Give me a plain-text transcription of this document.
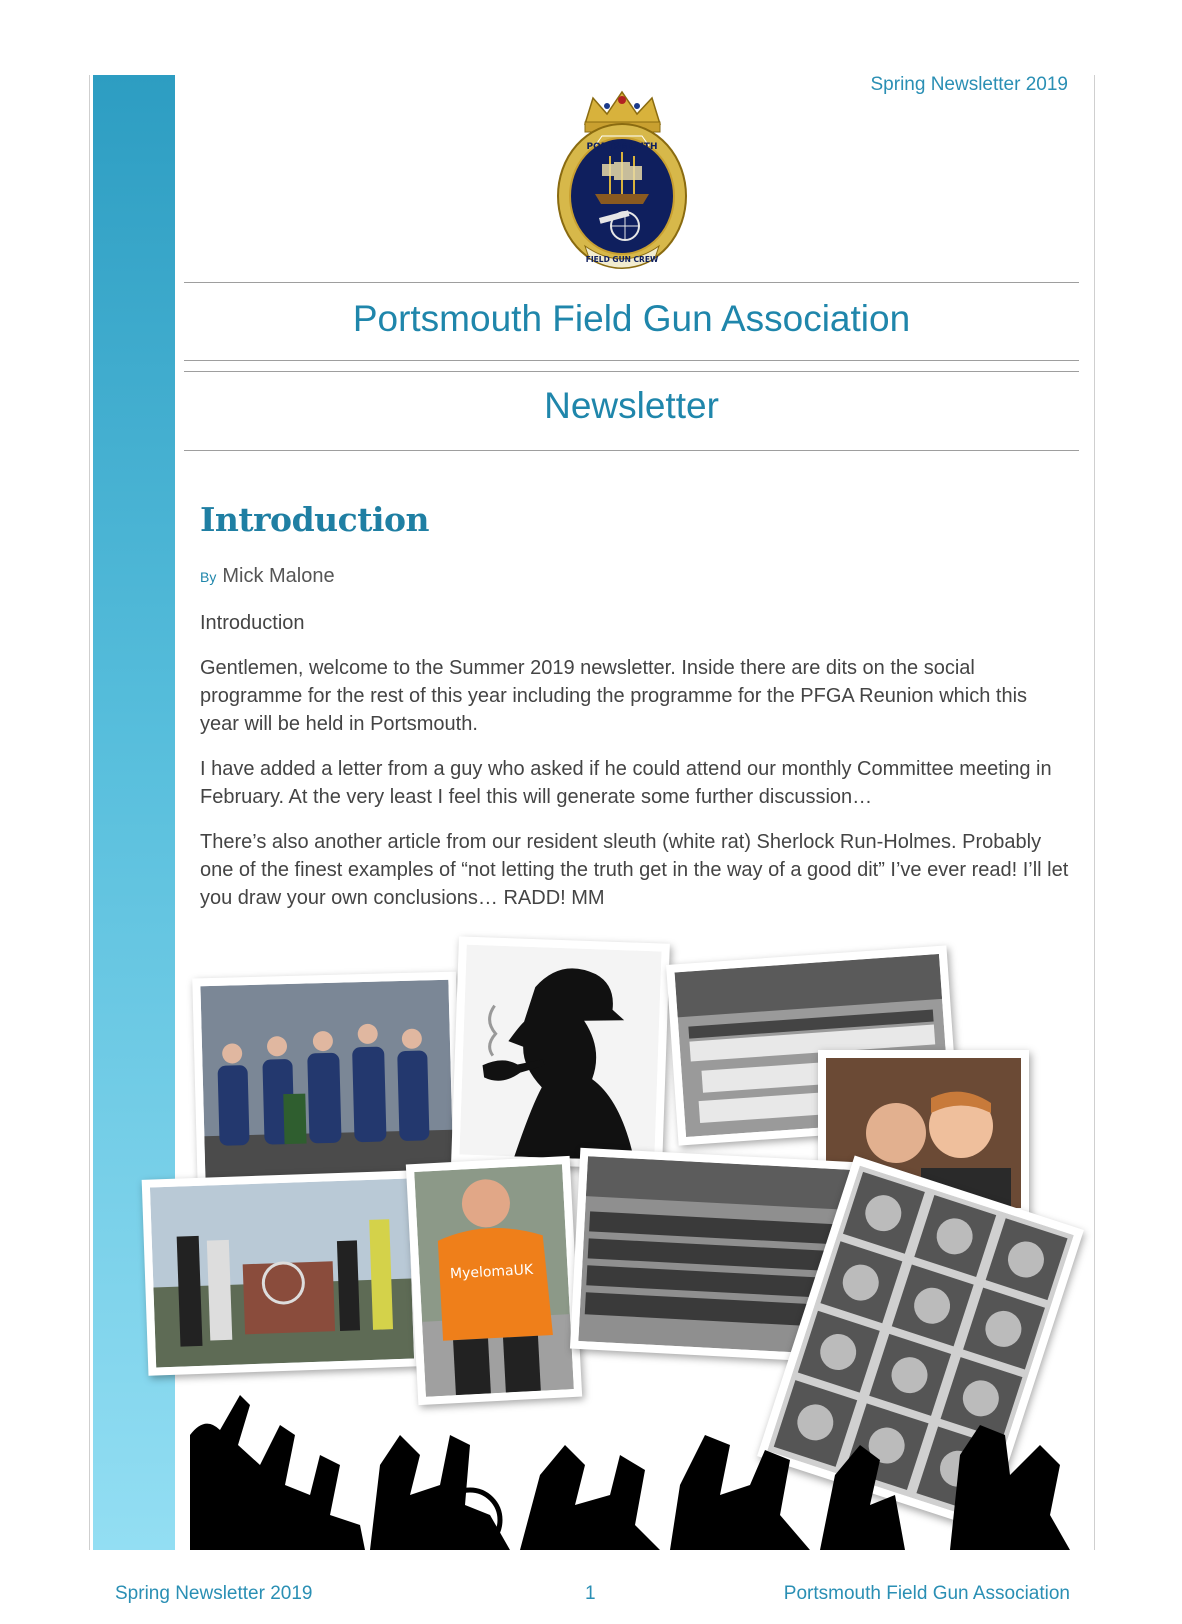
Spring Newsletter 2019
PORTSMOUTH
FIELD GUN CREW
Portsmouth Field Gun Association
Newsletter
Introduction
By Mick Malone

Introduction

Gentlemen, welcome to the Summer 2019 newsletter. Inside there are dits on the social programme for the rest of this year including the programme for the PFGA Reunion which this year will be held in Portsmouth.

I have added a letter from a guy who asked if he could attend our monthly Committee meeting in February. At the very least I feel this will generate some further discussion…

There’s also another article from our resident sleuth (white rat) Sherlock Run-Holmes. Probably one of the finest examples of “not letting the truth get in the way of a good dit” I’ve ever read! I’ll let you draw your own conclusions… RADD! MM

MyelomaUK
Spring Newsletter 2019	1	Portsmouth Field Gun Association
